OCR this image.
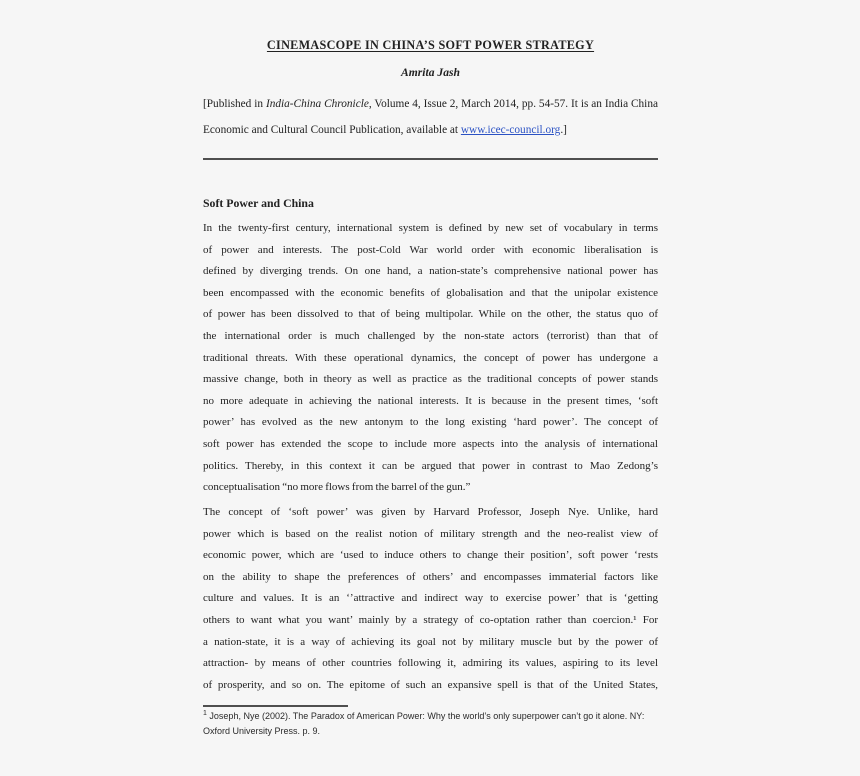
CINEMASCOPE IN CHINA’S SOFT POWER STRATEGY
Amrita Jash

[Published in India-China Chronicle, Volume 4, Issue 2, March 2014, pp. 54-57. It is an India China Economic and Cultural Council Publication, available at www.icec-council.org.]

Soft Power and China
In the twenty-first century, international system is defined by new set of vocabulary in terms
of power and interests. The post-Cold War world order with economic liberalisation is
defined by diverging trends. On one hand, a nation-state’s comprehensive national power has
been encompassed with the economic benefits of globalisation and that the unipolar existence
of power has been dissolved to that of being multipolar. While on the other, the status quo of
the international order is much challenged by the non-state actors (terrorist) than that of
traditional threats. With these operational dynamics, the concept of power has undergone a
massive change, both in theory as well as practice as the traditional concepts of power stands
no more adequate in achieving the national interests. It is because in the present times, ‘soft
power’ has evolved as the new antonym to the long existing ‘hard power’. The concept of
soft power has extended the scope to include more aspects into the analysis of international
politics. Thereby, in this context it can be argued that power in contrast to Mao Zedong’s
conceptualisation “no more flows from the barrel of the gun.”
The concept of ‘soft power’ was given by Harvard Professor, Joseph Nye. Unlike, hard
power which is based on the realist notion of military strength and the neo-realist view of
economic power, which are ‘used to induce others to change their position’, soft power ‘rests
on the ability to shape the preferences of others’ and encompasses immaterial factors like
culture and values. It is an ‘’attractive and indirect way to exercise power’ that is ‘getting
others to want what you want’ mainly by a strategy of co-optation rather than coercion.¹ For
a nation-state, it is a way of achieving its goal not by military muscle but by the power of
attraction- by means of other countries following it, admiring its values, aspiring to its level
of prosperity, and so on. The epitome of such an expansive spell is that of the United States,
$^1$ Joseph, Nye (2002). The Paradox of American Power: Why the world’s only superpower can’t go it alone. NY: Oxford University Press. p. 9.
